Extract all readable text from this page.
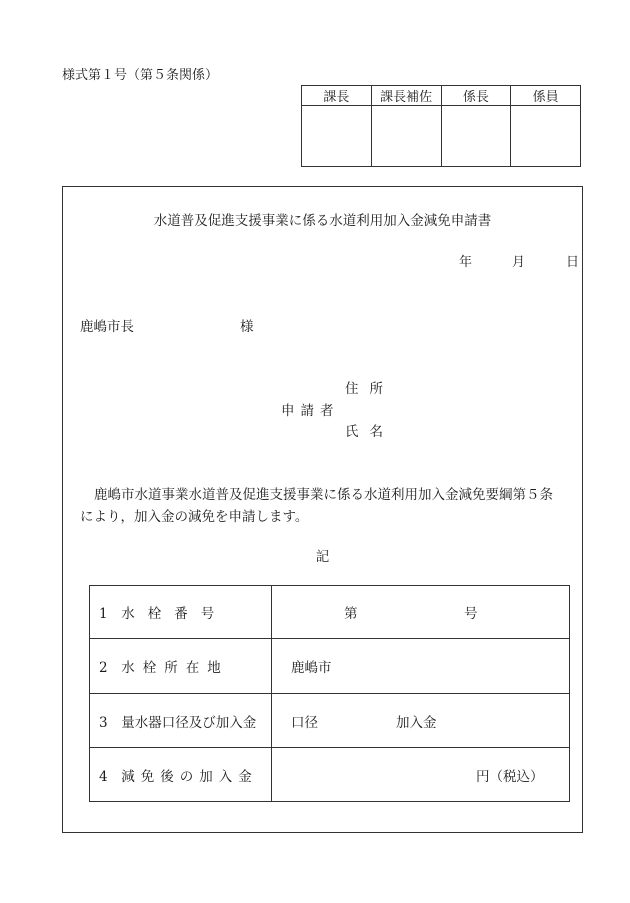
様式第１号（第５条関係）
課長	課長補佐	係長	係員

水道普及促進支援事業に係る水道利用加入金減免申請書
年	月	日
鹿嶋市長	様
住所
申請者
氏名
鹿嶋市水道事業水道普及促進支援事業に係る水道利用加入金減免要綱第５条により，加入金の減免を申請します。
記
1 水栓番号	第 号

2 水栓所在地	鹿嶋市

3 量水器口径及び加入金	口径 加入金

4 減免後の加入金	円（税込）
